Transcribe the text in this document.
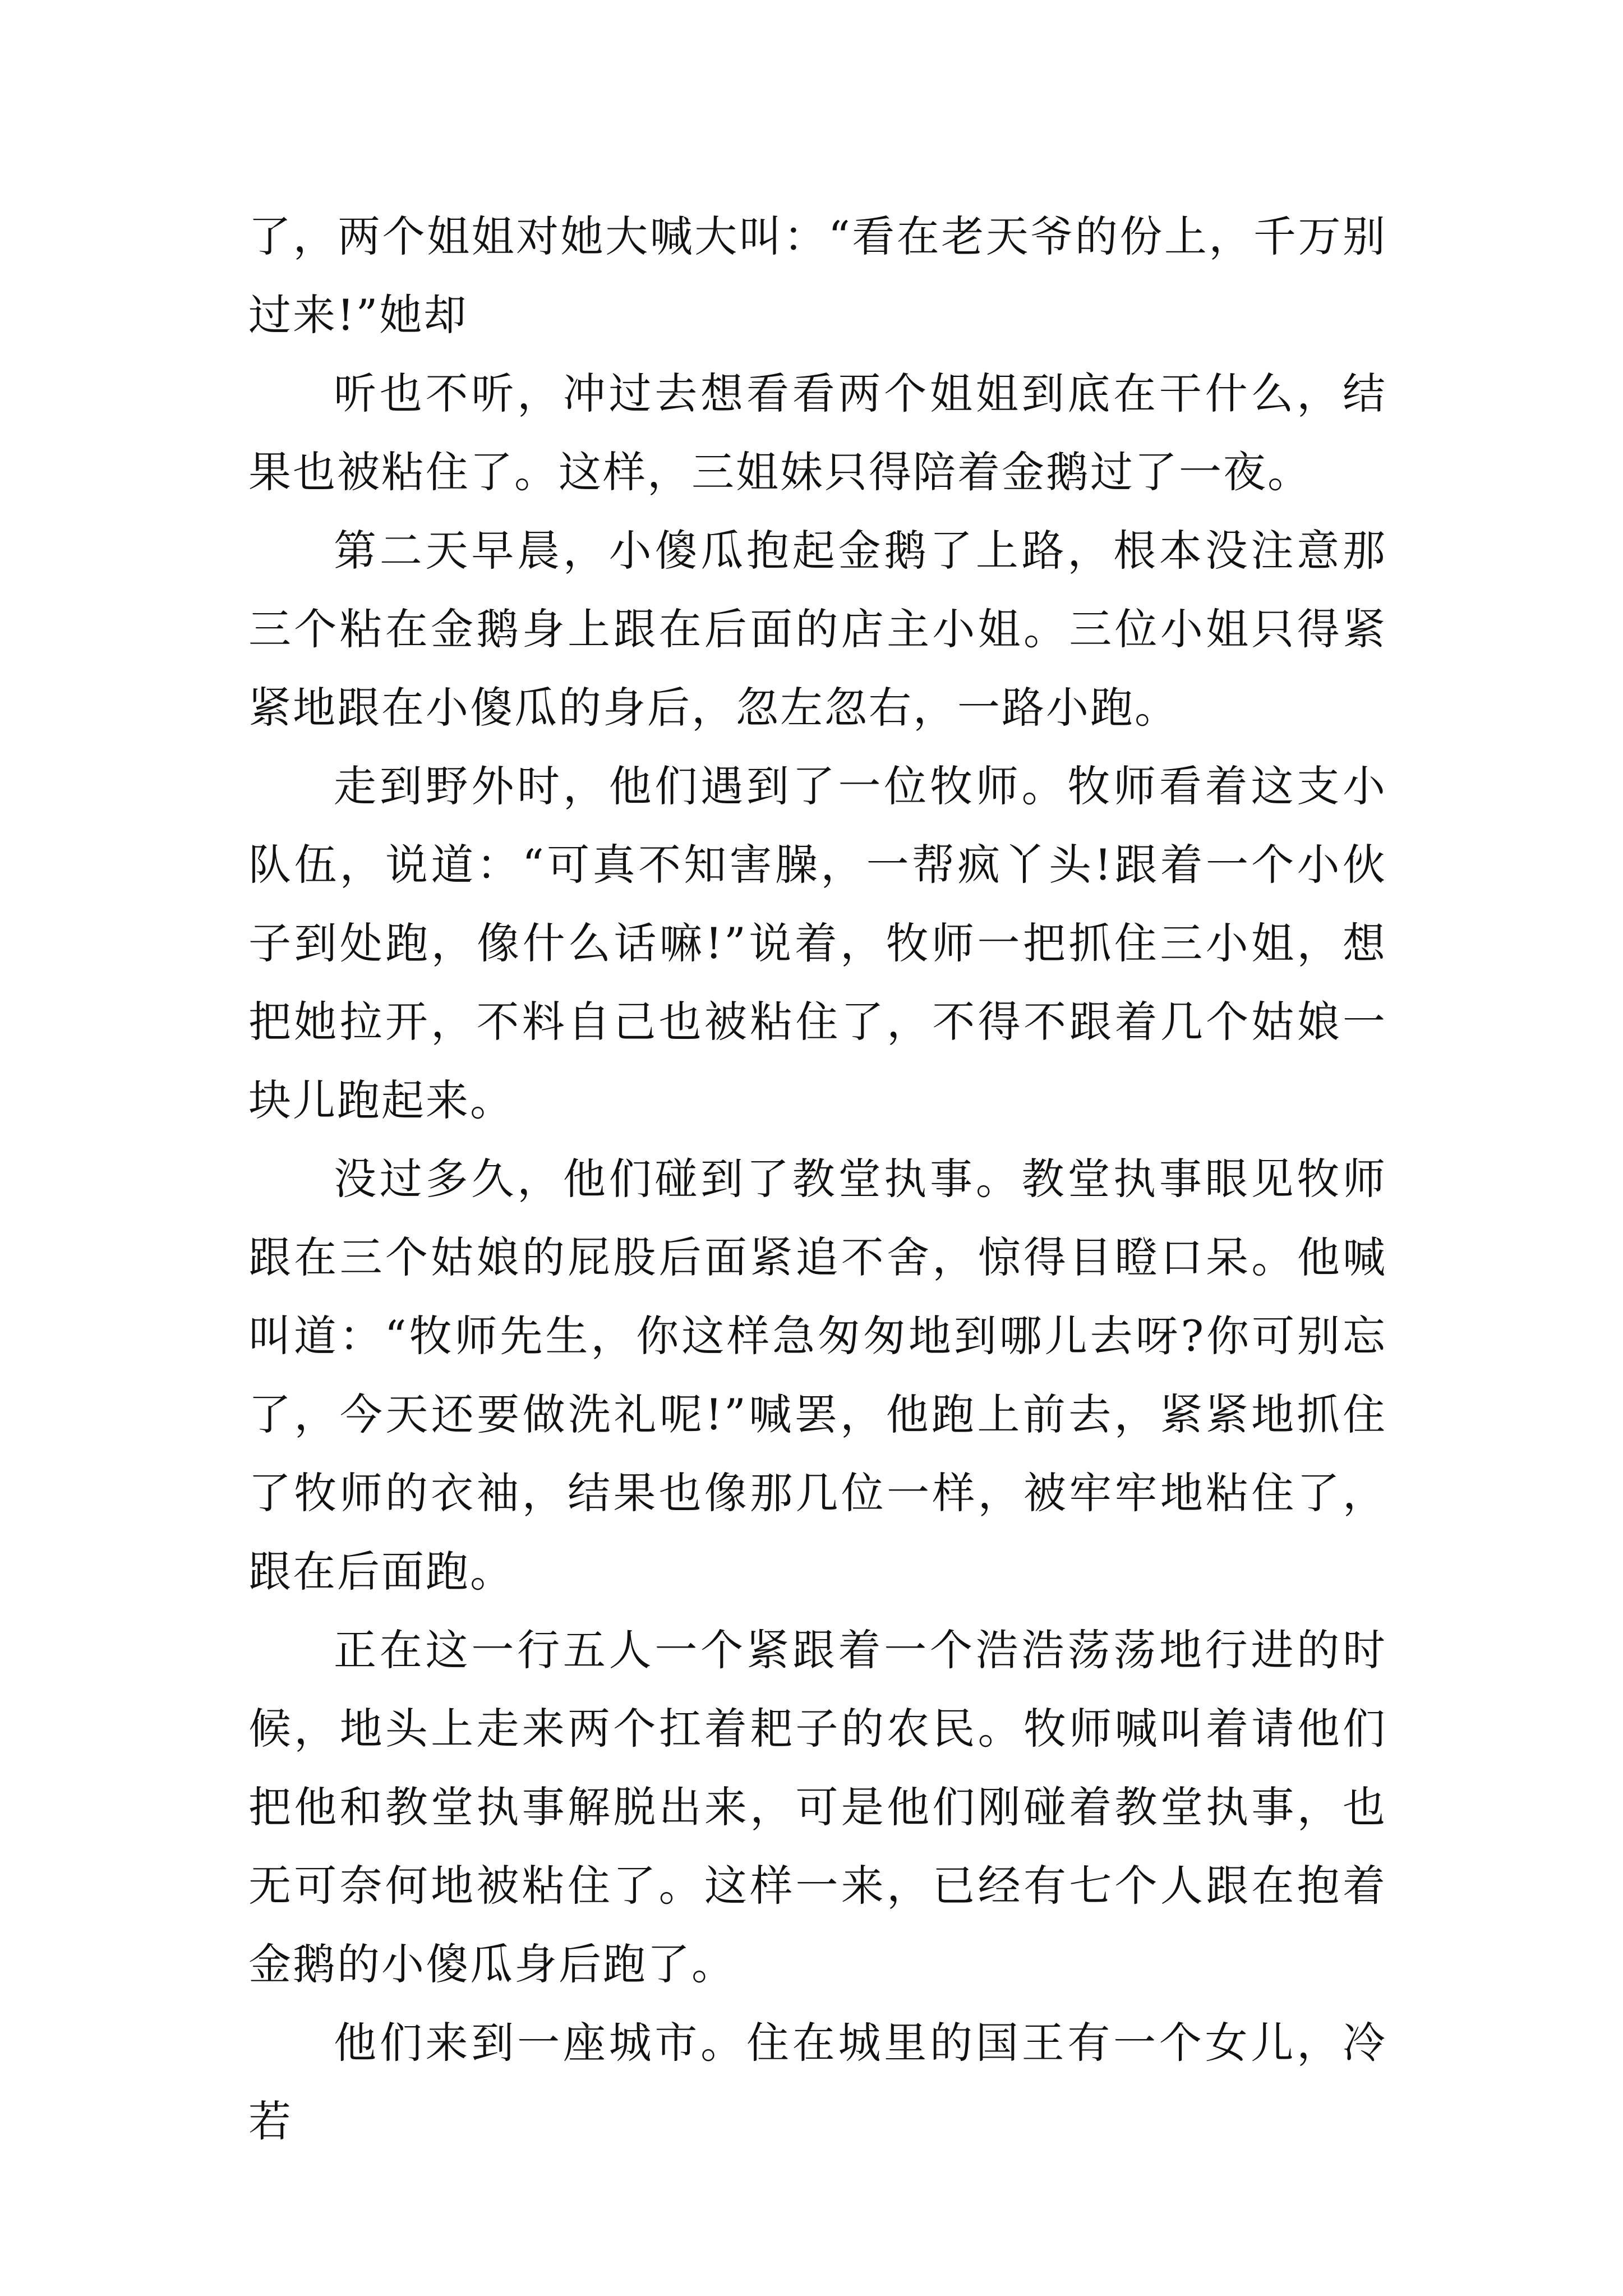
了，两个姐姐对她大喊大叫：“看在老天爷的份上，千万别过来!”她却

听也不听，冲过去想看看两个姐姐到底在干什么，结果也被粘住了。这样，三姐妹只得陪着金鹅过了一夜。

第二天早晨，小傻瓜抱起金鹅了上路，根本没注意那三个粘在金鹅身上跟在后面的店主小姐。三位小姐只得紧紧地跟在小傻瓜的身后，忽左忽右，一路小跑。

走到野外时，他们遇到了一位牧师。牧师看着这支小队伍，说道：“可真不知害臊，一帮疯丫头!跟着一个小伙子到处跑，像什么话嘛!”说着，牧师一把抓住三小姐，想把她拉开，不料自己也被粘住了，不得不跟着几个姑娘一块儿跑起来。

没过多久，他们碰到了教堂执事。教堂执事眼见牧师跟在三个姑娘的屁股后面紧追不舍，惊得目瞪口呆。他喊叫道：“牧师先生，你这样急匆匆地到哪儿去呀?你可别忘了，今天还要做洗礼呢!”喊罢，他跑上前去，紧紧地抓住了牧师的衣袖，结果也像那几位一样，被牢牢地粘住了，跟在后面跑。

正在这一行五人一个紧跟着一个浩浩荡荡地行进的时候，地头上走来两个扛着耙子的农民。牧师喊叫着请他们把他和教堂执事解脱出来，可是他们刚碰着教堂执事，也无可奈何地被粘住了。这样一来，已经有七个人跟在抱着金鹅的小傻瓜身后跑了。

他们来到一座城市。住在城里的国王有一个女儿，冷若
